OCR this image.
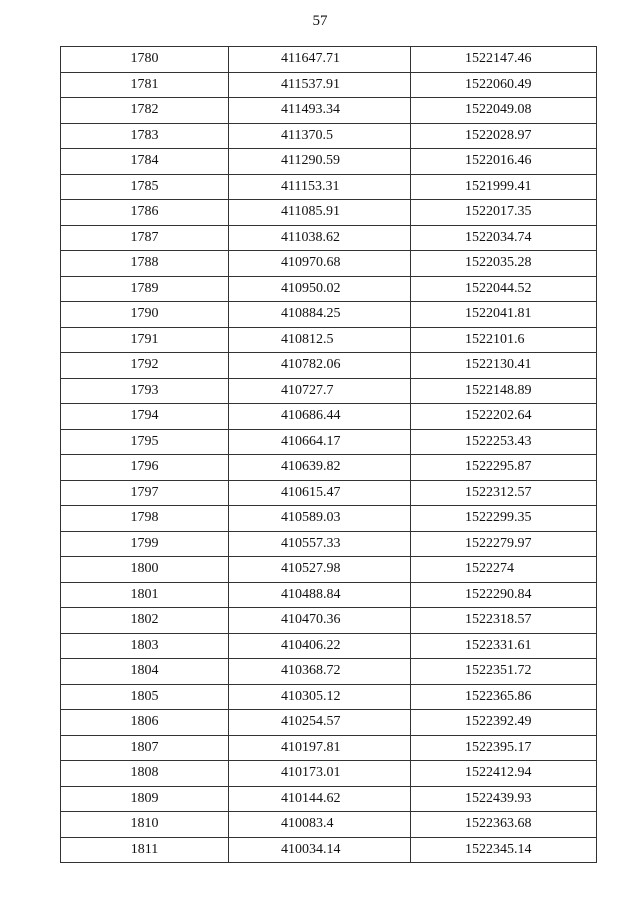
57
1780	411647.71	1522147.46
1781	411537.91	1522060.49
1782	411493.34	1522049.08
1783	411370.5	1522028.97
1784	411290.59	1522016.46
1785	411153.31	1521999.41
1786	411085.91	1522017.35
1787	411038.62	1522034.74
1788	410970.68	1522035.28
1789	410950.02	1522044.52
1790	410884.25	1522041.81
1791	410812.5	1522101.6
1792	410782.06	1522130.41
1793	410727.7	1522148.89
1794	410686.44	1522202.64
1795	410664.17	1522253.43
1796	410639.82	1522295.87
1797	410615.47	1522312.57
1798	410589.03	1522299.35
1799	410557.33	1522279.97
1800	410527.98	1522274
1801	410488.84	1522290.84
1802	410470.36	1522318.57
1803	410406.22	1522331.61
1804	410368.72	1522351.72
1805	410305.12	1522365.86
1806	410254.57	1522392.49
1807	410197.81	1522395.17
1808	410173.01	1522412.94
1809	410144.62	1522439.93
1810	410083.4	1522363.68
1811	410034.14	1522345.14
